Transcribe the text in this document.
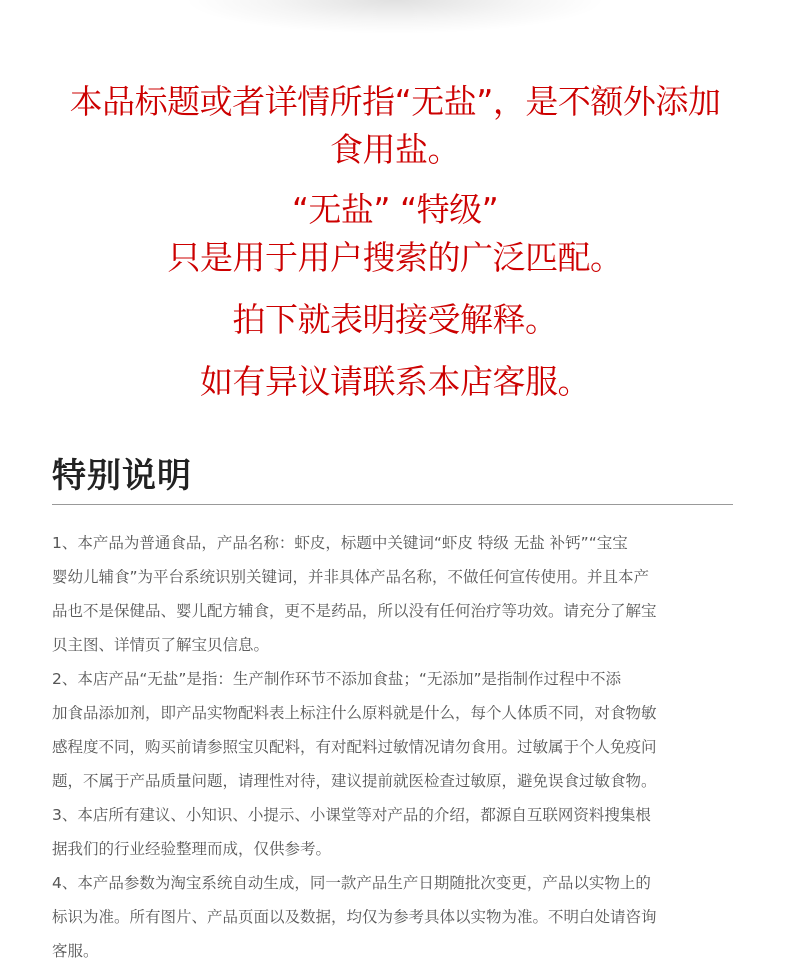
本品标题或者详情所指“无盐”，是不额外添加
食用盐。
“无盐” “特级”
只是用于用户搜索的广泛匹配。
拍下就表明接受解释。
如有异议请联系本店客服。
特别说明
1、本产品为普通食品，产品名称：虾皮，标题中关键词“虾皮 特级 无盐 补钙”“宝宝
婴幼儿辅食”为平台系统识别关键词，并非具体产品名称，不做任何宣传使用。并且本产
品也不是保健品、婴儿配方辅食，更不是药品，所以没有任何治疗等功效。请充分了解宝
贝主图、详情页了解宝贝信息。
2、本店产品“无盐”是指：生产制作环节不添加食盐；“无添加”是指制作过程中不添
加食品添加剂，即产品实物配料表上标注什么原料就是什么，每个人体质不同，对食物敏
感程度不同，购买前请参照宝贝配料，有对配料过敏情况请勿食用。过敏属于个人免疫问
题，不属于产品质量问题，请理性对待，建议提前就医检查过敏原，避免误食过敏食物。
3、本店所有建议、小知识、小提示、小课堂等对产品的介绍，都源自互联网资料搜集根
据我们的行业经验整理而成，仅供参考。
4、本产品参数为淘宝系统自动生成，同一款产品生产日期随批次变更，产品以实物上的
标识为准。所有图片、产品页面以及数据，均仅为参考具体以实物为准。不明白处请咨询
客服。
